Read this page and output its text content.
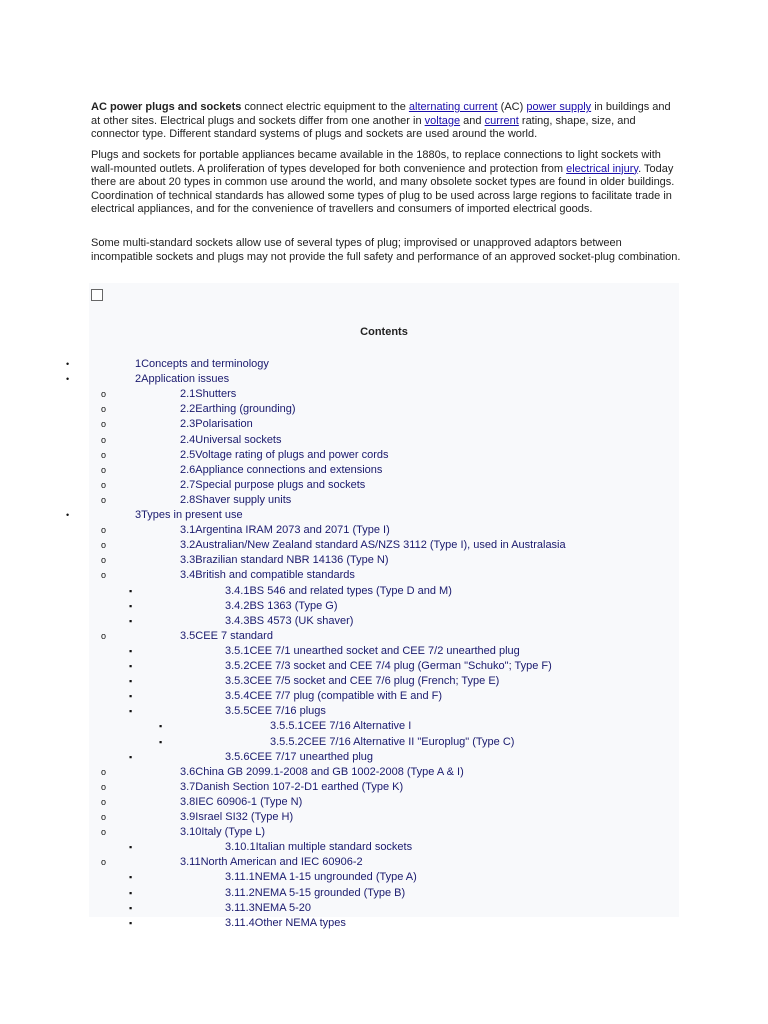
AC power plugs and sockets connect electric equipment to the alternating current (AC) power supply in buildings and at other sites. Electrical plugs and sockets differ from one another in voltage and current rating, shape, size, and connector type. Different standard systems of plugs and sockets are used around the world.

Plugs and sockets for portable appliances became available in the 1880s, to replace connections to light sockets with wall-mounted outlets. A proliferation of types developed for both convenience and protection from electrical injury. Today there are about 20 types in common use around the world, and many obsolete socket types are found in older buildings. Coordination of technical standards has allowed some types of plug to be used across large regions to facilitate trade in electrical appliances, and for the convenience of travellers and consumers of imported electrical goods.

Some multi-standard sockets allow use of several types of plug; improvised or unapproved adaptors between incompatible sockets and plugs may not provide the full safety and performance of an approved socket-plug combination.

Contents
•	1Concepts and terminology
•	2Application issues
o	2.1Shutters
o	2.2Earthing (grounding)
o	2.3Polarisation
o	2.4Universal sockets
o	2.5Voltage rating of plugs and power cords
o	2.6Appliance connections and extensions
o	2.7Special purpose plugs and sockets
o	2.8Shaver supply units
•	3Types in present use
o	3.1Argentina IRAM 2073 and 2071 (Type I)
o	3.2Australian/New Zealand standard AS/NZS 3112 (Type I), used in Australasia
o	3.3Brazilian standard NBR 14136 (Type N)
o	3.4British and compatible standards
▪	3.4.1BS 546 and related types (Type D and M)
▪	3.4.2BS 1363 (Type G)
▪	3.4.3BS 4573 (UK shaver)
o	3.5CEE 7 standard
▪	3.5.1CEE 7/1 unearthed socket and CEE 7/2 unearthed plug
▪	3.5.2CEE 7/3 socket and CEE 7/4 plug (German "Schuko"; Type F)
▪	3.5.3CEE 7/5 socket and CEE 7/6 plug (French; Type E)
▪	3.5.4CEE 7/7 plug (compatible with E and F)
▪	3.5.5CEE 7/16 plugs
▪	3.5.5.1CEE 7/16 Alternative I
▪	3.5.5.2CEE 7/16 Alternative II "Europlug" (Type C)
▪	3.5.6CEE 7/17 unearthed plug
o	3.6China GB 2099.1-2008 and GB 1002-2008 (Type A & I)
o	3.7Danish Section 107-2-D1 earthed (Type K)
o	3.8IEC 60906-1 (Type N)
o	3.9Israel SI32 (Type H)
o	3.10Italy (Type L)
▪	3.10.1Italian multiple standard sockets
o	3.11North American and IEC 60906-2
▪	3.11.1NEMA 1-15 ungrounded (Type A)
▪	3.11.2NEMA 5-15 grounded (Type B)
▪	3.11.3NEMA 5-20
▪	3.11.4Other NEMA types
